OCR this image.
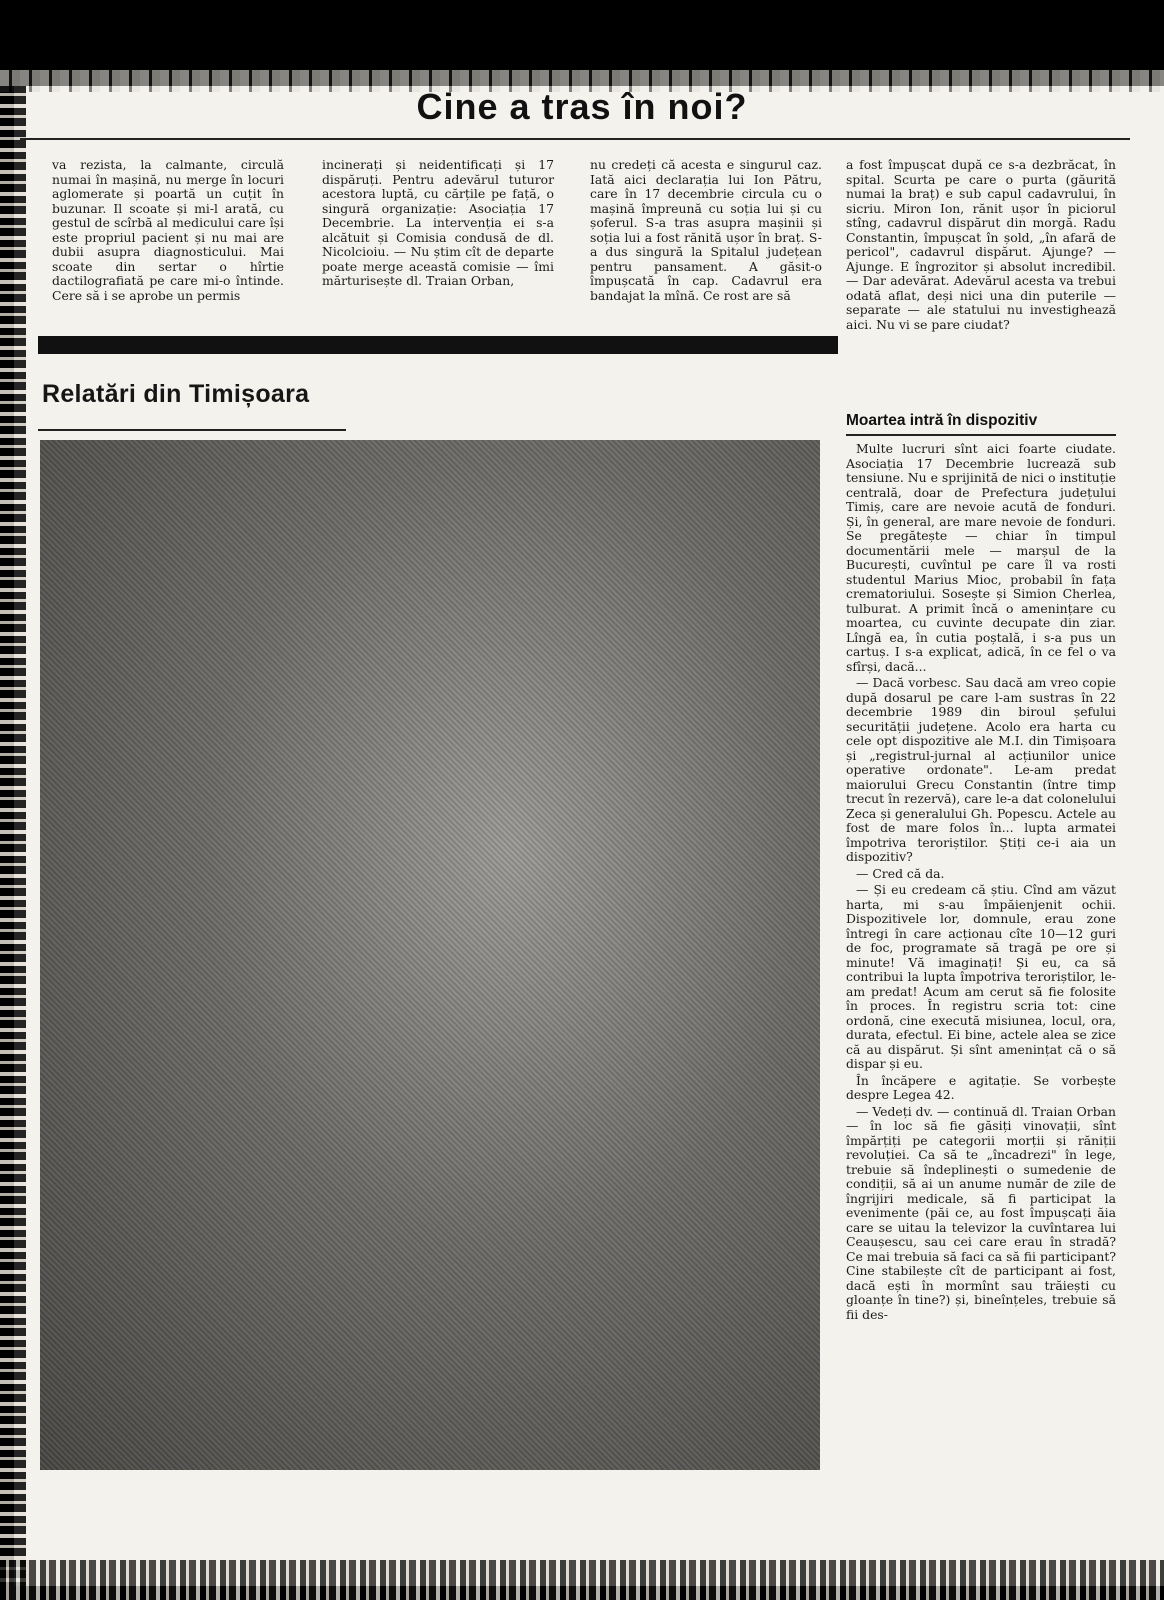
Cine a tras în noi?

va rezista, la calmante, circulă numai în mașină, nu merge în locuri aglomerate și poartă un cuțit în buzunar. Il scoate și mi-l arată, cu gestul de scîrbă al medicului care își este propriul pacient și nu mai are dubii asupra diagnosticului. Mai scoate din sertar o hîrtie dactilografiată pe care mi-o întinde. Cere să i se aprobe un permis

incinerați și neidentificați și 17 dispăruți. Pentru adevărul tuturor acestora luptă, cu cărțile pe față, o singură organizație: Asociația 17 Decembrie. La intervenția ei s-a alcătuit și Comisia condusă de dl. Nicolcioiu. — Nu știm cît de departe poate merge această comisie — îmi mărturisește dl. Traian Orban,

nu credeți că acesta e singurul caz. Iată aici declarația lui Ion Pătru, care în 17 decembrie circula cu o mașină împreună cu soția lui și cu șoferul. S-a tras asupra mașinii și soția lui a fost rănită ușor în braț. S-a dus singură la Spitalul județean pentru pansament. A găsit-o împușcată în cap. Cadavrul era bandajat la mînă. Ce rost are să

Relatări din Timișoara

a fost împușcat după ce s-a dezbrăcat, în spital. Scurta pe care o purta (găurită numai la braț) e sub capul cadavrului, în sicriu. Miron Ion, rănit ușor în piciorul stîng, cadavrul dispărut din morgă. Radu Constantin, împușcat în șold, „în afară de pericol", cadavrul dispărut. Ajunge? — Ajunge. E îngrozitor și absolut incredibil. — Dar adevărat. Adevărul acesta va trebui odată aflat, deși nici una din puterile — separate — ale statului nu investighează aici. Nu vi se pare ciudat?

Moartea intră în dispozitiv

Multe lucruri sînt aici foarte ciudate. Asociația 17 Decembrie lucrează sub tensiune. Nu e sprijinită de nici o instituție centrală, doar de Prefectura județului Timiș, care are nevoie acută de fonduri. Și, în general, are mare nevoie de fonduri. Se pregătește — chiar în timpul documentării mele — marșul de la București, cuvîntul pe care îl va rosti studentul Marius Mioc, probabil în fața crematoriului. Sosește și Simion Cherlea, tulburat. A primit încă o amenințare cu moartea, cu cuvinte decupate din ziar. Lîngă ea, în cutia poștală, i s-a pus un cartuș. I s-a explicat, adică, în ce fel o va sfîrși, dacă...

— Dacă vorbesc. Sau dacă am vreo copie după dosarul pe care l-am sustras în 22 decembrie 1989 din biroul șefului securității județene. Acolo era harta cu cele opt dispozitive ale M.I. din Timișoara și „registrul-jurnal al acțiunilor unice operative ordonate". Le-am predat maiorului Grecu Constantin (între timp trecut în rezervă), care le-a dat colonelului Zeca și generalului Gh. Popescu. Actele au fost de mare folos în... lupta armatei împotriva teroriștilor. Știți ce-i aia un dispozitiv?

— Cred că da.

— Și eu credeam că știu. Cînd am văzut harta, mi s-au împăienjenit ochii. Dispozitivele lor, domnule, erau zone întregi în care acționau cîte 10—12 guri de foc, programate să tragă pe ore și minute! Vă imaginați! Și eu, ca să contribui la lupta împotriva teroriștilor, le-am predat! Acum am cerut să fie folosite în proces. În registru scria tot: cine ordonă, cine execută misiunea, locul, ora, durata, efectul. Ei bine, actele alea se zice că au dispărut. Și sînt amenințat că o să dispar și eu.

În încăpere e agitație. Se vorbește despre Legea 42.

— Vedeți dv. — continuă dl. Traian Orban — în loc să fie găsiți vinovații, sînt împărțiți pe categorii morții și răniții revoluției. Ca să te „încadrezi" în lege, trebuie să îndeplinești o sumedenie de condiții, să ai un anume număr de zile de îngrijiri medicale, să fi participat la evenimente (păi ce, au fost împușcați ăia care se uitau la televizor la cuvîntarea lui Ceaușescu, sau cei care erau în stradă? Ce mai trebuia să faci ca să fii participant? Cine stabilește cît de participant ai fost, dacă ești în mormînt sau trăiești cu gloanțe în tine?) și, bineînțeles, trebuie să fii des-
